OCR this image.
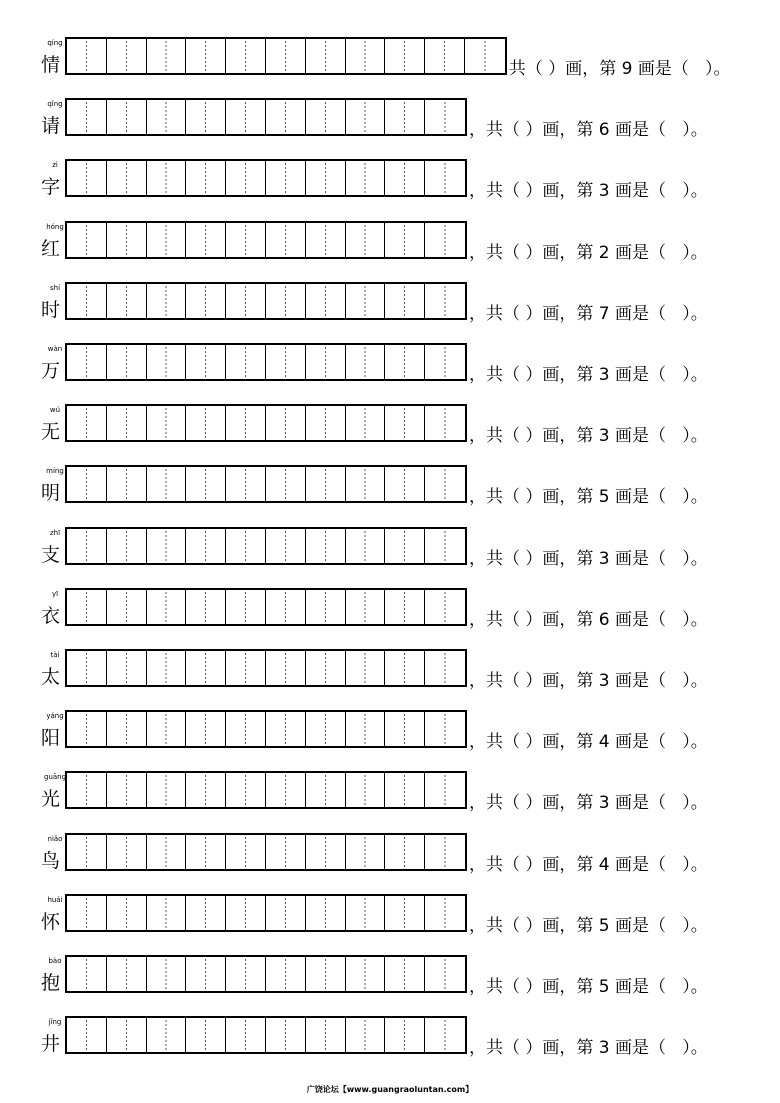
qíng
情	共（ ）画，第 9 画是（   ）。
qǐng
请	，共（ ）画，第 6 画是（   ）。
zì
字	，共（ ）画，第 3 画是（   ）。
hóng
红	，共（ ）画，第 2 画是（   ）。
shí
时	，共（ ）画，第 7 画是（   ）。
wàn
万	，共（ ）画，第 3 画是（   ）。
wú
无	，共（ ）画，第 3 画是（   ）。
míng
明	，共（ ）画，第 5 画是（   ）。
zhī
支	，共（ ）画，第 3 画是（   ）。
yī
衣	，共（ ）画，第 6 画是（   ）。
tài
太	，共（ ）画，第 3 画是（   ）。
yáng
阳	，共（ ）画，第 4 画是（   ）。
guāng
光	，共（ ）画，第 3 画是（   ）。
niǎo
鸟	，共（ ）画，第 4 画是（   ）。
huái
怀	，共（ ）画，第 5 画是（   ）。
bào
抱	，共（ ）画，第 5 画是（   ）。
jǐng
井	，共（ ）画，第 3 画是（   ）。
广饶论坛【www.guangraoluntan.com】
